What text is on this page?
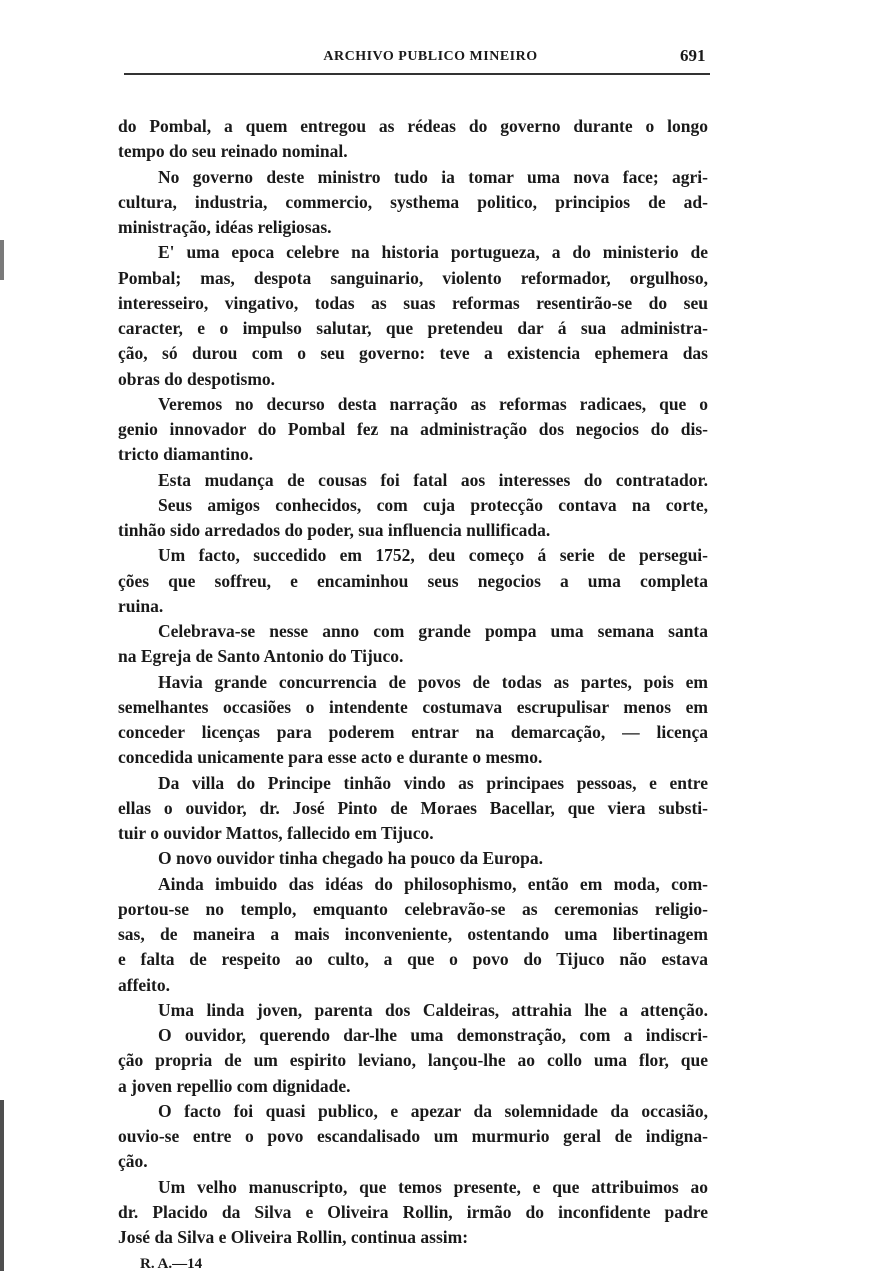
ARCHIVO PUBLICO MINEIRO	691
do Pombal, a quem entregou as rédeas do governo durante o longo
tempo do seu reinado nominal.
No governo deste ministro tudo ia tomar uma nova face; agri-
cultura, industria, commercio, systhema politico, principios de ad-
ministração, idéas religiosas.
E' uma epoca celebre na historia portugueza, a do ministerio de
Pombal; mas, despota sanguinario, violento reformador, orgulhoso,
interesseiro, vingativo, todas as suas reformas resentirão-se do seu
caracter, e o impulso salutar, que pretendeu dar á sua administra-
ção, só durou com o seu governo: teve a existencia ephemera das
obras do despotismo.
Veremos no decurso desta narração as reformas radicaes, que o
genio innovador do Pombal fez na administração dos negocios do dis-
tricto diamantino.
Esta mudança de cousas foi fatal aos interesses do contratador.
Seus amigos conhecidos, com cuja protecção contava na corte,
tinhão sido arredados do poder, sua influencia nullificada.
Um facto, succedido em 1752, deu começo á serie de persegui-
ções que soffreu, e encaminhou seus negocios a uma completa
ruina.
Celebrava-se nesse anno com grande pompa uma semana santa
na Egreja de Santo Antonio do Tijuco.
Havia grande concurrencia de povos de todas as partes, pois em
semelhantes occasiões o intendente costumava escrupulisar menos em
conceder licenças para poderem entrar na demarcação, — licença
concedida unicamente para esse acto e durante o mesmo.
Da villa do Principe tinhão vindo as principaes pessoas, e entre
ellas o ouvidor, dr. José Pinto de Moraes Bacellar, que viera substi-
tuir o ouvidor Mattos, fallecido em Tijuco.
O novo ouvidor tinha chegado ha pouco da Europa.
Ainda imbuido das idéas do philosophismo, então em moda, com-
portou-se no templo, emquanto celebravão-se as ceremonias religio-
sas, de maneira a mais inconveniente, ostentando uma libertinagem
e falta de respeito ao culto, a que o povo do Tijuco não estava
affeito.
Uma linda joven, parenta dos Caldeiras, attrahia lhe a attenção.
O ouvidor, querendo dar-lhe uma demonstração, com a indiscri-
ção propria de um espirito leviano, lançou-lhe ao collo uma flor, que
a joven repellio com dignidade.
O facto foi quasi publico, e apezar da solemnidade da occasião,
ouvio-se entre o povo escandalisado um murmurio geral de indigna-
ção.
Um velho manuscripto, que temos presente, e que attribuimos ao
dr. Placido da Silva e Oliveira Rollin, irmão do inconfidente padre
José da Silva e Oliveira Rollin, continua assim:
R. A.—14
